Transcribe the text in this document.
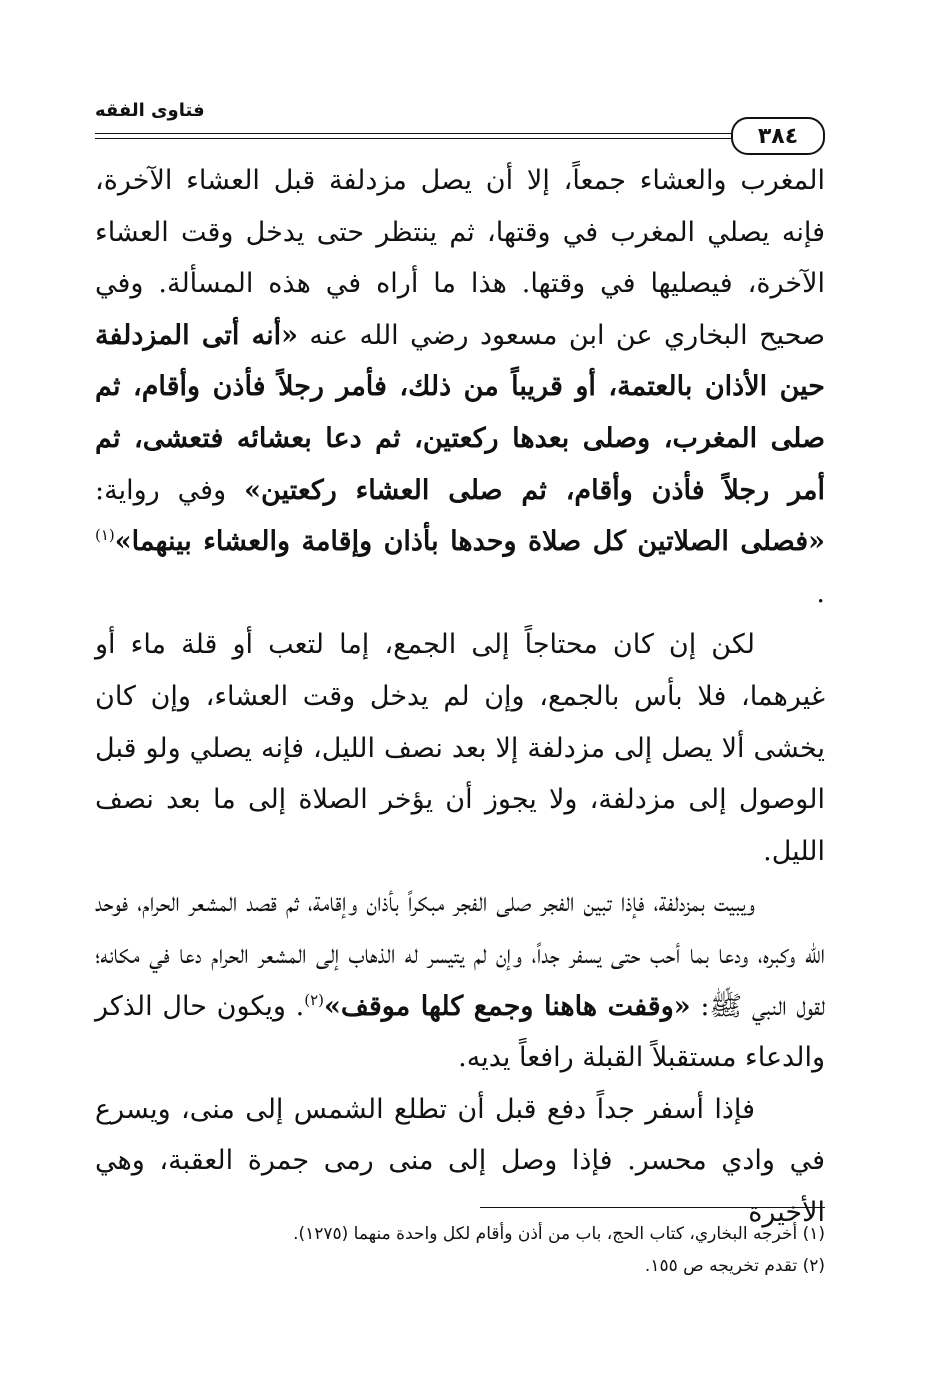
فتاوى الفقه
٣٨٤

المغرب والعشاء جمعاً، إلا أن يصل مزدلفة قبل العشاء الآخرة، فإنه يصلي المغرب في وقتها، ثم ينتظر حتى يدخل وقت العشاء الآخرة، فيصليها في وقتها. هذا ما أراه في هذه المسألة. وفي صحيح البخاري عن ابن مسعود رضي الله عنه «أنه أتى المزدلفة حين الأذان بالعتمة، أو قريباً من ذلك، فأمر رجلاً فأذن وأقام، ثم صلى المغرب، وصلى بعدها ركعتين، ثم دعا بعشائه فتعشى، ثم أمر رجلاً فأذن وأقام، ثم صلى العشاء ركعتين» وفي رواية: «فصلى الصلاتين كل صلاة وحدها بأذان وإقامة والعشاء بينهما»$^{(١)}$ .

لكن إن كان محتاجاً إلى الجمع، إما لتعب أو قلة ماء أو غيرهما، فلا بأس بالجمع، وإن لم يدخل وقت العشاء، وإن كان يخشى ألا يصل إلى مزدلفة إلا بعد نصف الليل، فإنه يصلي ولو قبل الوصول إلى مزدلفة، ولا يجوز أن يؤخر الصلاة إلى ما بعد نصف الليل.

ويبيت بمزدلفة، فإذا تبين الفجر صلى الفجر مبكراً بأذان وإقامة، ثم قصد المشعر الحرام، فوحد الله وكبره، ودعا بما أحب حتى يسفر جداً، وإن لم يتيسر له الذهاب إلى المشعر الحرام دعا في مكانه؛ لقول النبي ﷺ: «وقفت هاهنا وجمع كلها موقف»$^{(٢)}$. ويكون حال الذكر والدعاء مستقبلاً القبلة رافعاً يديه.

فإذا أسفر جداً دفع قبل أن تطلع الشمس إلى منى، ويسرع في وادي محسر. فإذا وصل إلى منى رمى جمرة العقبة، وهي الأخيرة

(١) أخرجه البخاري، كتاب الحج، باب من أذن وأقام لكل واحدة منهما (١٢٧٥).

(٢) تقدم تخريجه ص ١٥٥.
